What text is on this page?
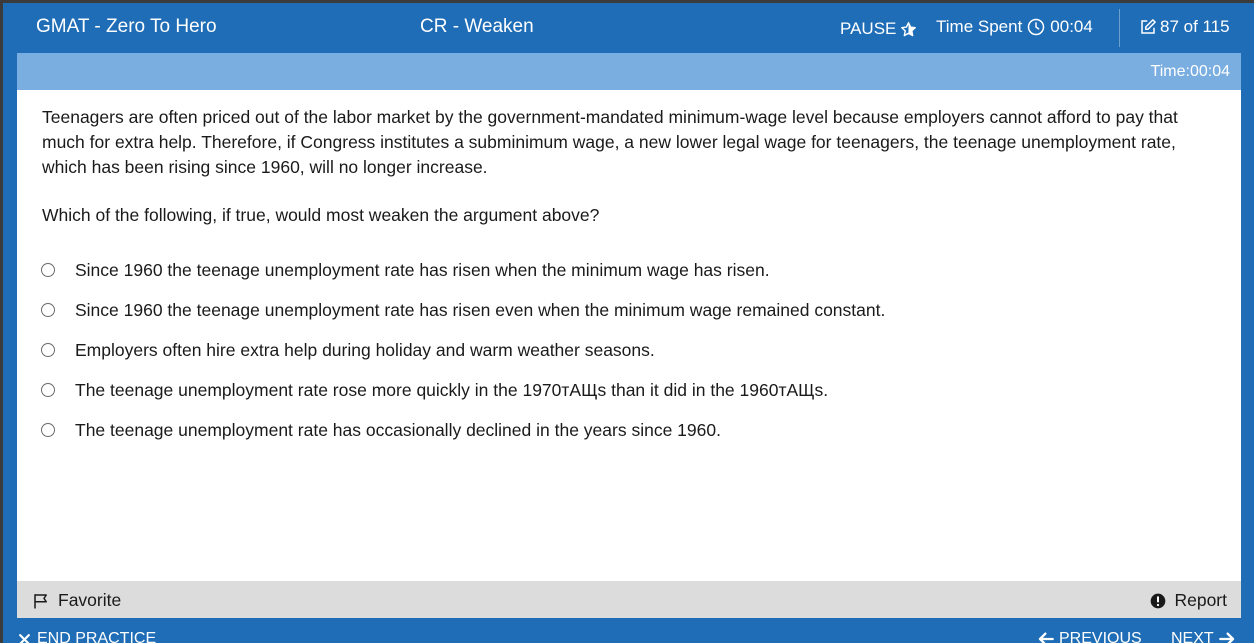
GMAT - Zero To Hero	CR - Weaken	PAUSE Time Spent 00:04	87 of 115
Time:00:04

Teenagers are often priced out of the labor market by the government-mandated minimum-wage level because employers cannot afford to pay that much for extra help. Therefore, if Congress institutes a subminimum wage, a new lower legal wage for teenagers, the teenage unemployment rate, which has been rising since 1960, will no longer increase.

Which of the following, if true, would most weaken the argument above?

Since 1960 the teenage unemployment rate has risen when the minimum wage has risen.
Since 1960 the teenage unemployment rate has risen even when the minimum wage remained constant.
Employers often hire extra help during holiday and warm weather seasons.
The teenage unemployment rate rose more quickly in the 1970тАЩs than it did in the 1960тАЩs.
The teenage unemployment rate has occasionally declined in the years since 1960.
Favorite	Report
END PRACTICE	PREVIOUS NEXT
